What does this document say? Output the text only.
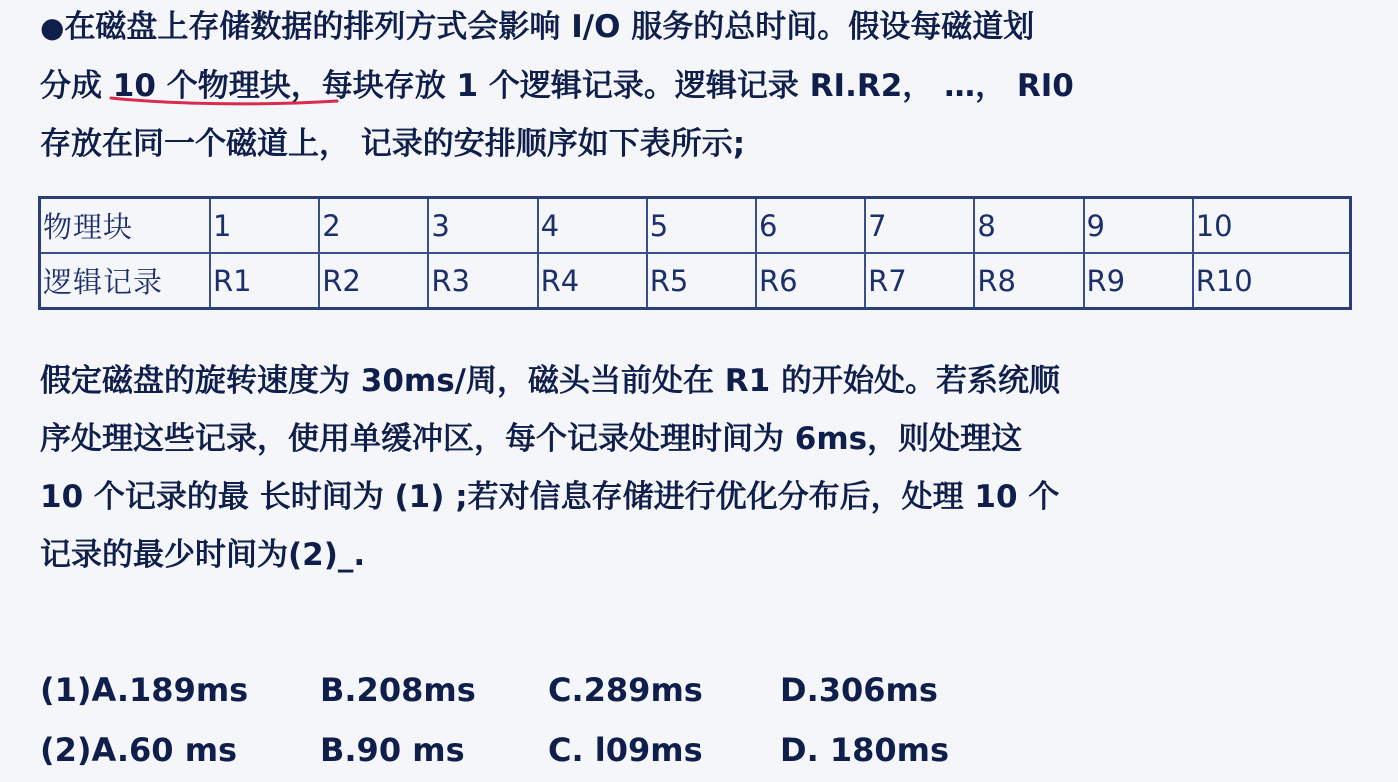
●在磁盘上存储数据的排列方式会影响 I/O 服务的总时间。假设每磁道划
分成 10 个物理块
，每块存放 1 个逻辑记录。逻辑记录 RI.R2， …， RI0
存放在同一个磁道上， 记录的安排顺序如下表所示;
物理块	1	2	3	4	5	6	7	8	9	10
逻辑记录	R1	R2	R3	R4	R5	R6	R7	R8	R9	R10
假定磁盘的旋转速度为 30ms/周，磁头当前处在 R1 的开始处。若系统顺
序处理这些记录，使用单缓冲区，每个记录处理时间为 6ms，则处理这
10 个记录的最 长时间为 (1) ;若对信息存储进行优化分布后，处理 10 个
记录的最少时间为(2)_.
(1)A.189ms	B.208ms	C.289ms	D.306ms
(2)A.60 ms	B.90 ms	C. l09ms	D. 180ms
